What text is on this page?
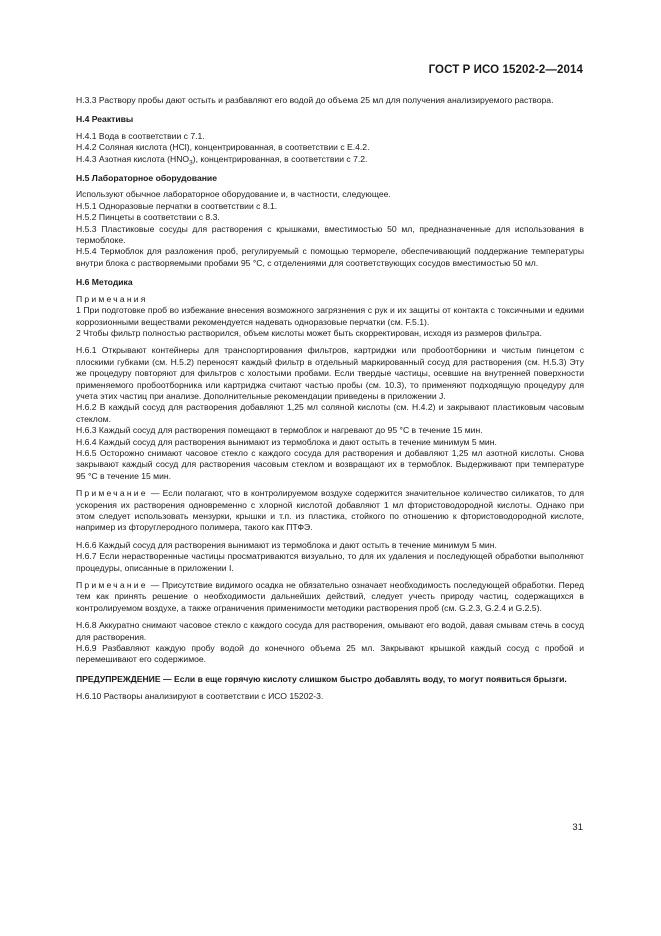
ГОСТ Р ИСО 15202-2—2014

Н.3.3 Раствору пробы дают остыть и разбавляют его водой до объема 25 мл для получения анализируемого раствора.

Н.4 Реактивы

Н.4.1 Вода в соответствии с 7.1.

Н.4.2 Соляная кислота (HCl), концентрированная, в соответствии с Е.4.2.

Н.4.3 Азотная кислота $(HNO_3)$, концентрированная, в соответствии с 7.2.

Н.5 Лабораторное оборудование

Используют обычное лабораторное оборудование и, в частности, следующее.

Н.5.1 Одноразовые перчатки в соответствии с 8.1.

Н.5.2 Пинцеты в соответствии с 8.3.

Н.5.3 Пластиковые сосуды для растворения с крышками, вместимостью 50 мл, предназначенные для использования в термоблоке.

Н.5.4 Термоблок для разложения проб, регулируемый с помощью термореле, обеспечивающий поддержание температуры внутри блока с растворяемыми пробами 95 °С, с отделениями для соответствующих сосудов вместимостью 50 мл.

Н.6 Методика

Примечания

1 При подготовке проб во избежание внесения возможного загрязнения с рук и их защиты от контакта с токсичными и едкими коррозионными веществами рекомендуется надевать одноразовые перчатки (см. F.5.1).

2 Чтобы фильтр полностью растворился, объем кислоты может быть скорректирован, исходя из размеров фильтра.

Н.6.1 Открывают контейнеры для транспортирования фильтров, картриджи или пробоотборники и чистым пинцетом с плоскими губками (см. Н.5.2) переносят каждый фильтр в отдельный маркированный сосуд для растворения (см. Н.5.3) Эту же процедуру повторяют для фильтров с холостыми пробами. Если твердые частицы, осевшие на внутренней поверхности применяемого пробоотборника или картриджа считают частью пробы (см. 10.3), то применяют подходящую процедуру для учета этих частиц при анализе. Дополнительные рекомендации приведены в приложении J.

Н.6.2 В каждый сосуд для растворения добавляют 1,25 мл соляной кислоты (см. Н.4.2) и закрывают пластиковым часовым стеклом.

Н.6.3 Каждый сосуд для растворения помещают в термоблок и нагревают до 95 °С в течение 15 мин.

Н.6.4 Каждый сосуд для растворения вынимают из термоблока и дают остыть в течение минимум 5 мин.

Н.6.5 Осторожно снимают часовое стекло с каждого сосуда для растворения и добавляют 1,25 мл азотной кислоты. Снова закрывают каждый сосуд для растворения часовым стеклом и возвращают их в термоблок. Выдерживают при температуре 95 °С в течение 15 мин.

Примечание — Если полагают, что в контролируемом воздухе содержится значительное количество силикатов, то для ускорения их растворения одновременно с хлорной кислотой добавляют 1 мл фтористоводородной кислоты. Однако при этом следует использовать мензурки, крышки и т.п. из пластика, стойкого по отношению к фтористоводородной кислоте, например из фторуглеродного полимера, такого как ПТФЭ.

Н.6.6 Каждый сосуд для растворения вынимают из термоблока и дают остыть в течение минимум 5 мин.

Н.6.7 Если нерастворенные частицы просматриваются визуально, то для их удаления и последующей обработки выполняют процедуры, описанные в приложении I.

Примечание — Присутствие видимого осадка не обязательно означает необходимость последующей обработки. Перед тем как принять решение о необходимости дальнейших действий, следует учесть природу частиц, содержащихся в контролируемом воздухе, а также ограничения применимости методики растворения проб (см. G.2.3, G.2.4 и G.2.5).

Н.6.8 Аккуратно снимают часовое стекло с каждого сосуда для растворения, омывают его водой, давая смывам стечь в сосуд для растворения.

Н.6.9 Разбавляют каждую пробу водой до конечного объема 25 мл. Закрывают крышкой каждый сосуд с пробой и перемешивают его содержимое.

ПРЕДУПРЕЖДЕНИЕ — Если в еще горячую кислоту слишком быстро добавлять воду, то могут появиться брызги.

Н.6.10 Растворы анализируют в соответствии с ИСО 15202-3.

31
